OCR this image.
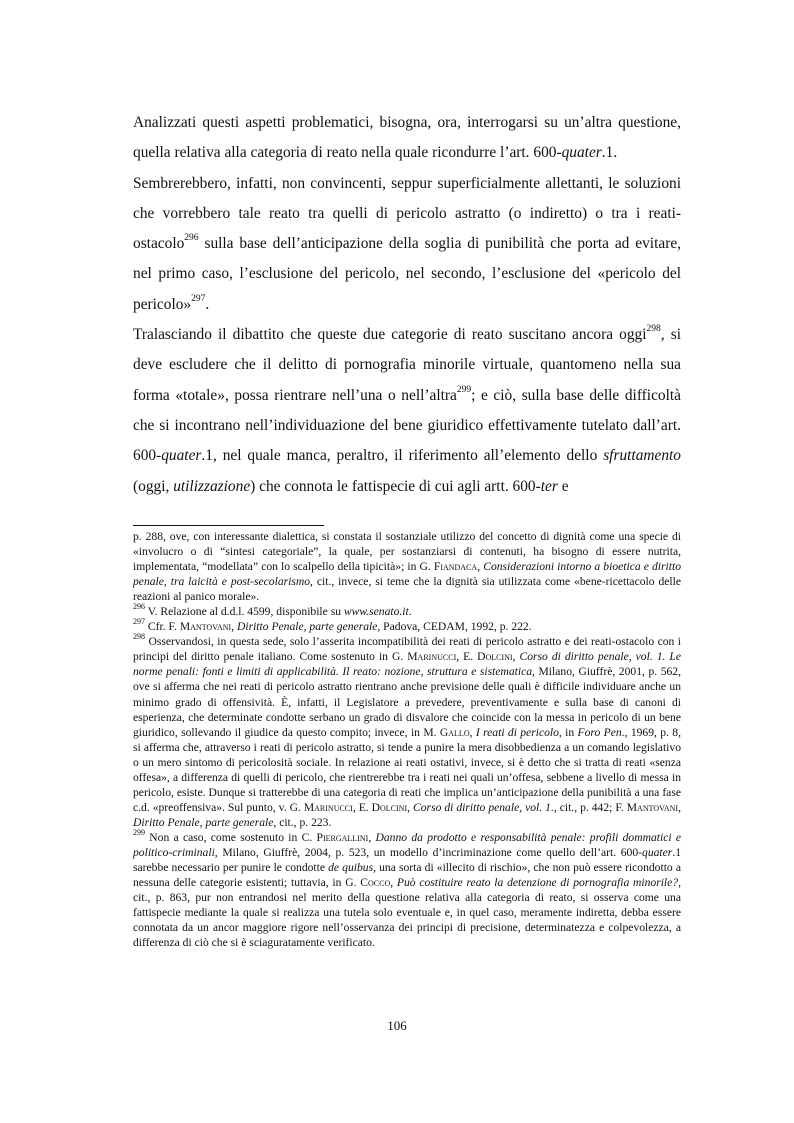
Analizzati questi aspetti problematici, bisogna, ora, interrogarsi su un’altra questione, quella relativa alla categoria di reato nella quale ricondurre l’art. 600-quater.1.

Sembrerebbero, infatti, non convincenti, seppur superficialmente allettanti, le soluzioni che vorrebbero tale reato tra quelli di pericolo astratto (o indiretto) o tra i reati-ostacolo$^{296}$ sulla base dell’anticipazione della soglia di punibilità che porta ad evitare, nel primo caso, l’esclusione del pericolo, nel secondo, l’esclusione del «pericolo del pericolo»$^{297}$.

Tralasciando il dibattito che queste due categorie di reato suscitano ancora oggi$^{298}$, si deve escludere che il delitto di pornografia minorile virtuale, quantomeno nella sua forma «totale», possa rientrare nell’una o nell’altra$^{299}$; e ciò, sulla base delle difficoltà che si incontrano nell’individuazione del bene giuridico effettivamente tutelato dall’art. 600-quater.1, nel quale manca, peraltro, il riferimento all’elemento dello sfruttamento (oggi, utilizzazione) che connota le fattispecie di cui agli artt. 600-ter e

p. 288, ove, con interessante dialettica, si constata il sostanziale utilizzo del concetto di dignità come una specie di «involucro o di “sintesi categoriale”, la quale, per sostanziarsi di contenuti, ha bisogno di essere nutrita, implementata, “modellata” con lo scalpello della tipicità»; in G. Fiandaca, Considerazioni intorno a bioetica e diritto penale, tra laicità e post-secolarismo, cit., invece, si teme che la dignità sia utilizzata come «bene-ricettacolo delle reazioni al panico morale».

$^{296}$ V. Relazione al d.d.l. 4599, disponibile su www.senato.it.

$^{297}$ Cfr. F. Mantovani, Diritto Penale, parte generale, Padova, CEDAM, 1992, p. 222.

$^{298}$ Osservandosi, in questa sede, solo l’asserita incompatibilità dei reati di pericolo astratto e dei reati-ostacolo con i principi del diritto penale italiano. Come sostenuto in G. Marinucci, E. Dolcini, Corso di diritto penale, vol. 1. Le norme penali: fonti e limiti di applicabilità. Il reato: nozione, struttura e sistematica, Milano, Giuffrè, 2001, p. 562, ove si afferma che nei reati di pericolo astratto rientrano anche previsione delle quali è difficile individuare anche un minimo grado di offensività. È, infatti, il Legislatore a prevedere, preventivamente e sulla base di canoni di esperienza, che determinate condotte serbano un grado di disvalore che coincide con la messa in pericolo di un bene giuridico, sollevando il giudice da questo compito; invece, in M. Gallo, I reati di pericolo, in Foro Pen., 1969, p. 8, si afferma che, attraverso i reati di pericolo astratto, si tende a punire la mera disobbedienza a un comando legislativo o un mero sintomo di pericolosità sociale. In relazione ai reati ostativi, invece, si è detto che si tratta di reati «senza offesa», a differenza di quelli di pericolo, che rientrerebbe tra i reati nei quali un’offesa, sebbene a livello di messa in pericolo, esiste. Dunque si tratterebbe di una categoria di reati che implica un’anticipazione della punibilità a una fase c.d. «preoffensiva». Sul punto, v. G. Marinucci, E. Dolcini, Corso di diritto penale, vol. 1., cit., p. 442; F. Mantovani, Diritto Penale, parte generale, cit., p. 223.

$^{299}$ Non a caso, come sostenuto in C. Piergallini, Danno da prodotto e responsabilità penale: profili dommatici e politico-criminali, Milano, Giuffrè, 2004, p. 523, un modello d’incriminazione come quello dell’art. 600-quater.1 sarebbe necessario per punire le condotte de quibus, una sorta di «illecito di rischio», che non può essere ricondotto a nessuna delle categorie esistenti; tuttavia, in G. Cocco, Può costituire reato la detenzione di pornografia minorile?, cit., p. 863, pur non entrandosi nel merito della questione relativa alla categoria di reato, si osserva come una fattispecie mediante la quale si realizza una tutela solo eventuale e, in quel caso, meramente indiretta, debba essere connotata da un ancor maggiore rigore nell’osservanza dei principi di precisione, determinatezza e colpevolezza, a differenza di ciò che si è sciaguratamente verificato.

106
